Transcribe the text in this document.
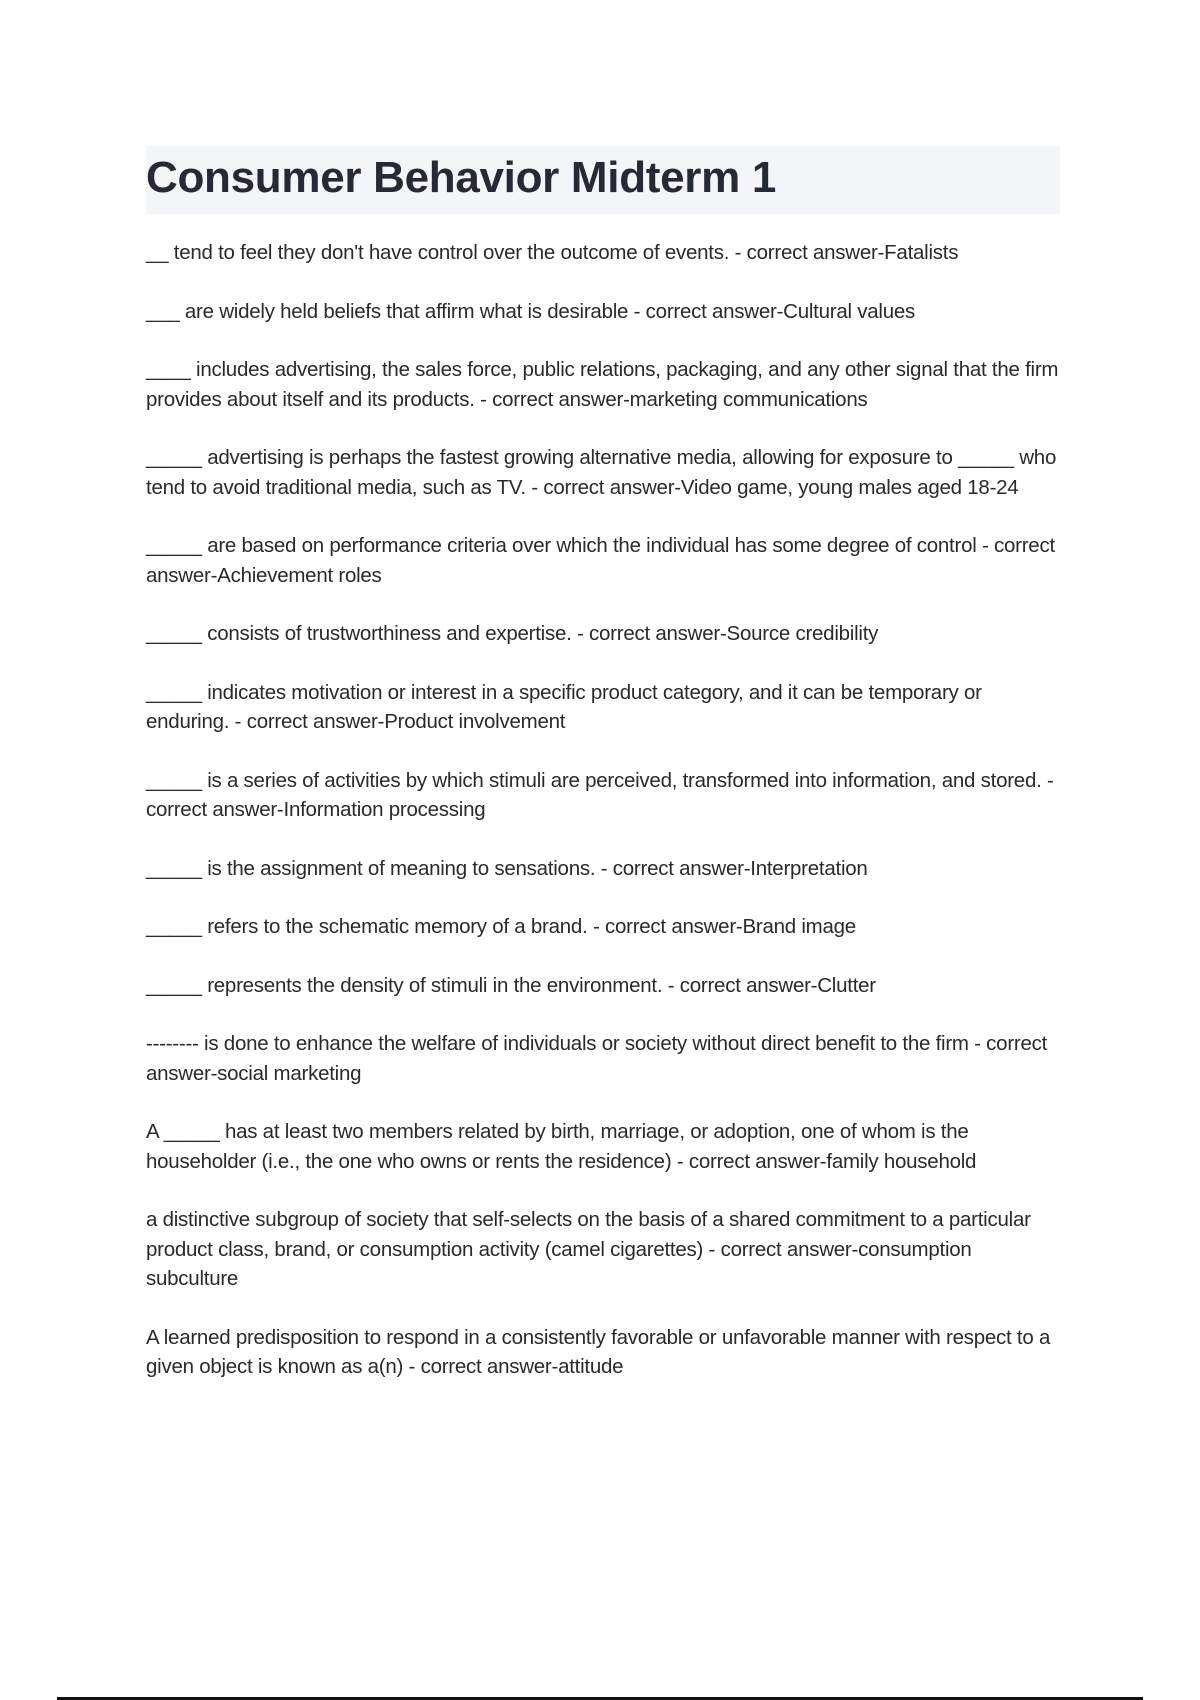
Consumer Behavior Midterm 1

__ tend to feel they don't have control over the outcome of events. - correct answer-Fatalists

___ are widely held beliefs that affirm what is desirable - correct answer-Cultural values

____ includes advertising, the sales force, public relations, packaging, and any other signal that the firm provides about itself and its products. - correct answer-marketing communications

_____ advertising is perhaps the fastest growing alternative media, allowing for exposure to _____ who tend to avoid traditional media, such as TV. - correct answer-Video game, young males aged 18-24

_____ are based on performance criteria over which the individual has some degree of control - correct answer-Achievement roles

_____ consists of trustworthiness and expertise. - correct answer-Source credibility

_____ indicates motivation or interest in a specific product category, and it can be temporary or enduring. - correct answer-Product involvement

_____ is a series of activities by which stimuli are perceived, transformed into information, and stored. - correct answer-Information processing

_____ is the assignment of meaning to sensations. - correct answer-Interpretation

_____ refers to the schematic memory of a brand. - correct answer-Brand image

_____ represents the density of stimuli in the environment. - correct answer-Clutter

-------- is done to enhance the welfare of individuals or society without direct benefit to the firm - correct answer-social marketing

A _____ has at least two members related by birth, marriage, or adoption, one of whom is the householder (i.e., the one who owns or rents the residence) - correct answer-family household

a distinctive subgroup of society that self-selects on the basis of a shared commitment to a particular product class, brand, or consumption activity (camel cigarettes) - correct answer-consumption subculture

A learned predisposition to respond in a consistently favorable or unfavorable manner with respect to a given object is known as a(n) - correct answer-attitude
